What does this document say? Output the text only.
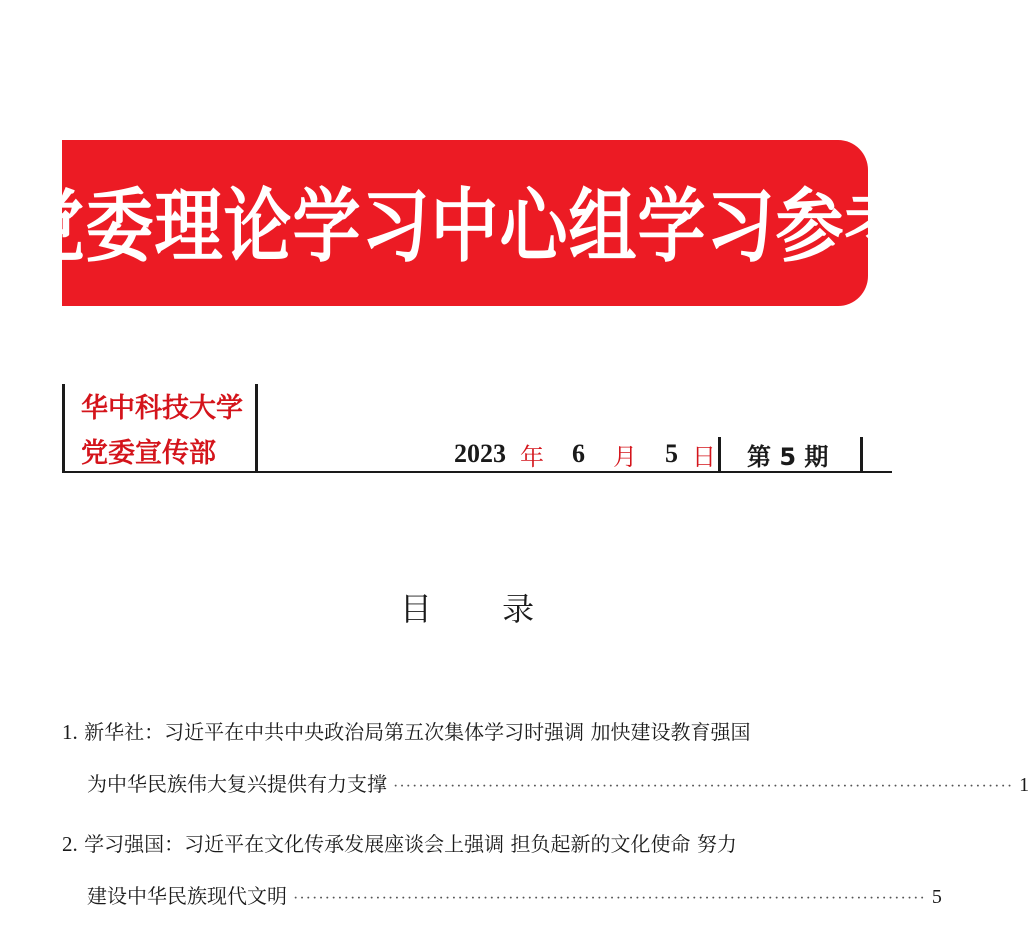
党委理论学习中心组学习参考
华中科技大学
党委宣传部	2023 年 6 月 5 日 第 5 期
目 录
1. 新华社：习近平在中共中央政治局第五次集体学习时强调 加快建设教育强国
为中华民族伟大复兴提供有力支撑 ·································································································· 1
2. 学习强国：习近平在文化传承发展座谈会上强调 担负起新的文化使命 努力
建设中华民族现代文明 ···································································································· 5
